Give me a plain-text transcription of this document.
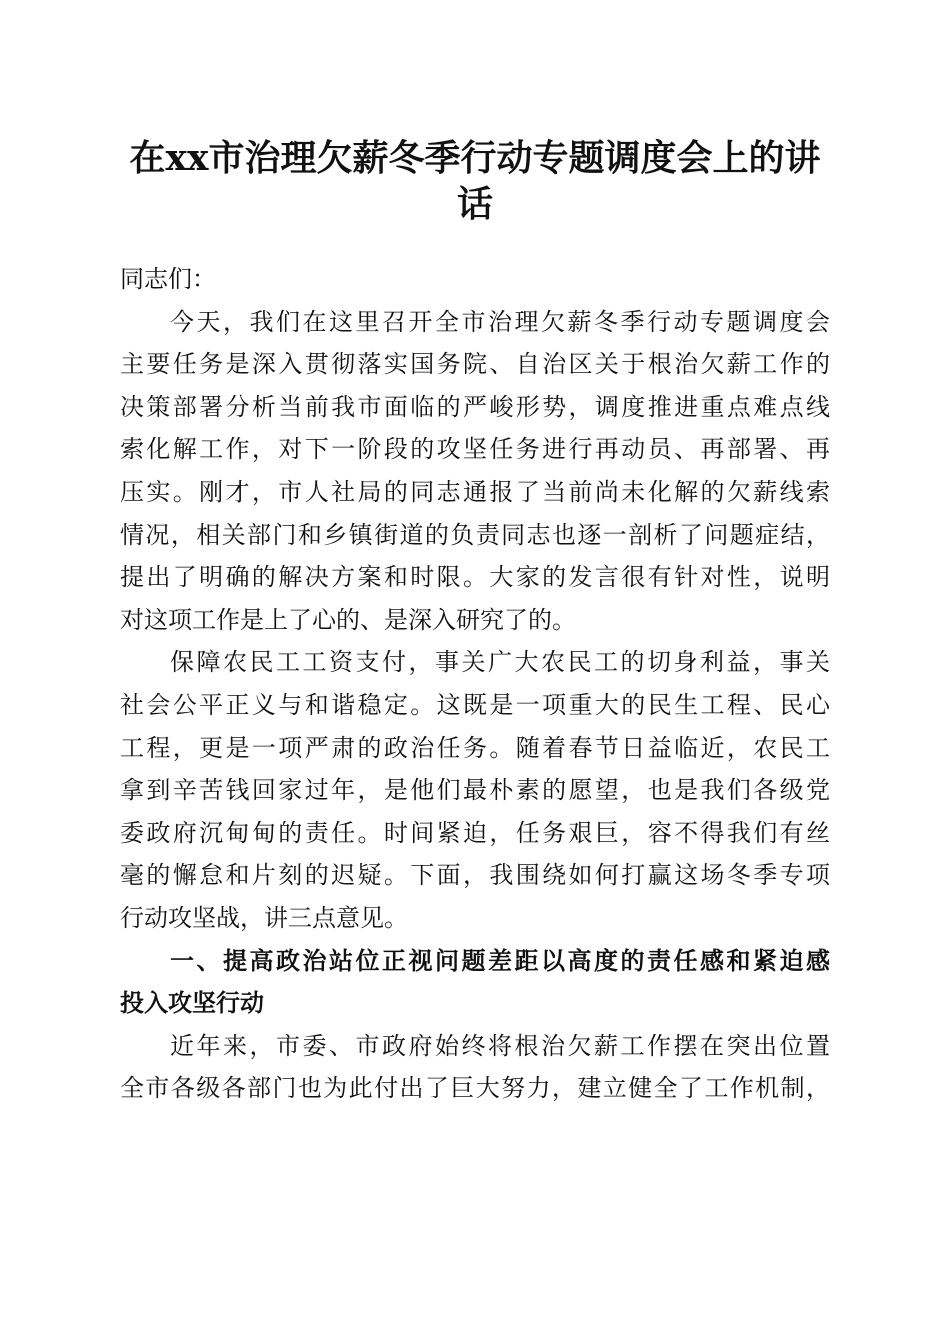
在xx市治理欠薪冬季行动专题调度会上的讲
话
同志们：
今天，我们在这里召开全市治理欠薪冬季行动专题调度会
主要任务是深入贯彻落实国务院、自治区关于根治欠薪工作的
决策部署分析当前我市面临的严峻形势，调度推进重点难点线
索化解工作，对下一阶段的攻坚任务进行再动员、再部署、再
压实。刚才，市人社局的同志通报了当前尚未化解的欠薪线索
情况，相关部门和乡镇街道的负责同志也逐一剖析了问题症结，
提出了明确的解决方案和时限。大家的发言很有针对性，说明
对这项工作是上了心的、是深入研究了的。
保障农民工工资支付，事关广大农民工的切身利益，事关
社会公平正义与和谐稳定。这既是一项重大的民生工程、民心
工程，更是一项严肃的政治任务。随着春节日益临近，农民工
拿到辛苦钱回家过年，是他们最朴素的愿望，也是我们各级党
委政府沉甸甸的责任。时间紧迫，任务艰巨，容不得我们有丝
毫的懈怠和片刻的迟疑。下面，我围绕如何打赢这场冬季专项
行动攻坚战，讲三点意见。
一、提高政治站位正视问题差距以高度的责任感和紧迫感
投入攻坚行动
近年来，市委、市政府始终将根治欠薪工作摆在突出位置
全市各级各部门也为此付出了巨大努力，建立健全了工作机制，
